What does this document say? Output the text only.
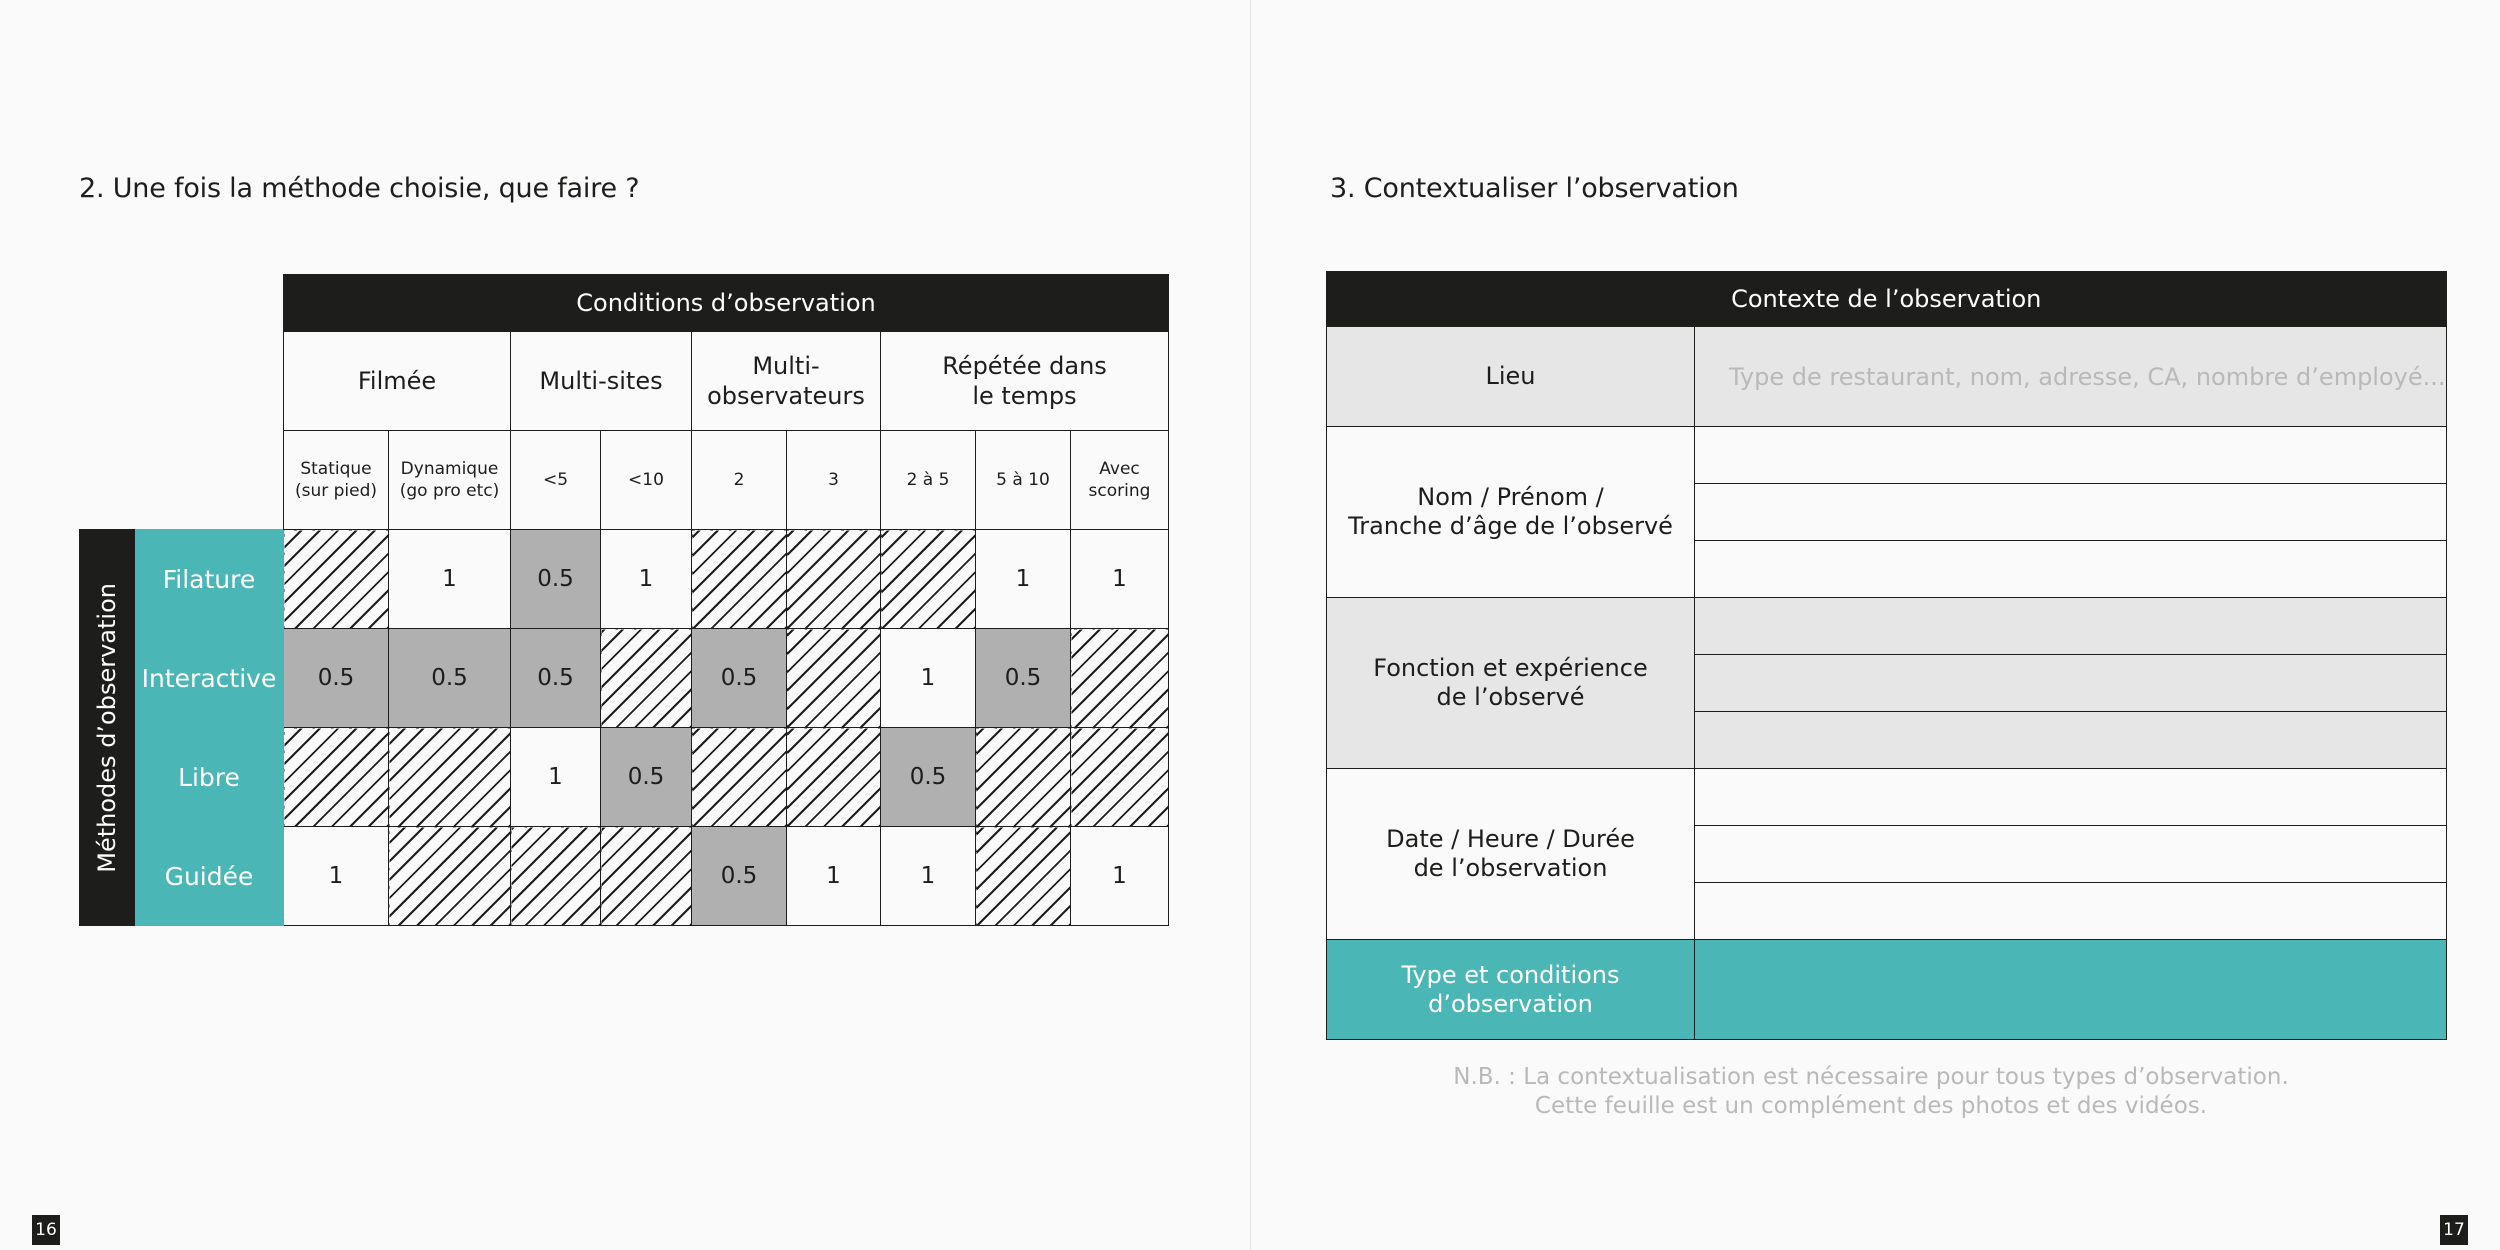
2. Une fois la méthode choisie, que faire ?
		Conditions d’observation								
		Filmée		Multi-sites		Multi-
observateurs		Répétée dans
le temps		
		Statique
(sur pied)	Dynamique
(go pro etc)	<5	<10	2	3	2 à 5	5 à 10	Avec
scoring

Méthodes d’observation	Filature		1	0.5	1				1	1
	Interactive	0.5	0.5	0.5		0.5		1	0.5	
	Libre			1	0.5			0.5		
	Guidée	1				0.5	1	1		1
16
3. Contextualiser l’observation
Contexte de l’observation	
Lieu	Type de restaurant, nom, adresse, CA, nombre d’employé...
Nom / Prénom /
Tranche d’âge de l’observé	

Fonction et expérience
de l’observé	

Date / Heure / Durée
de l’observation	

Type et conditions
d’observation	
N.B. : La contextualisation est nécessaire pour tous types d’observation.
Cette feuille est un complément des photos et des vidéos.
17
